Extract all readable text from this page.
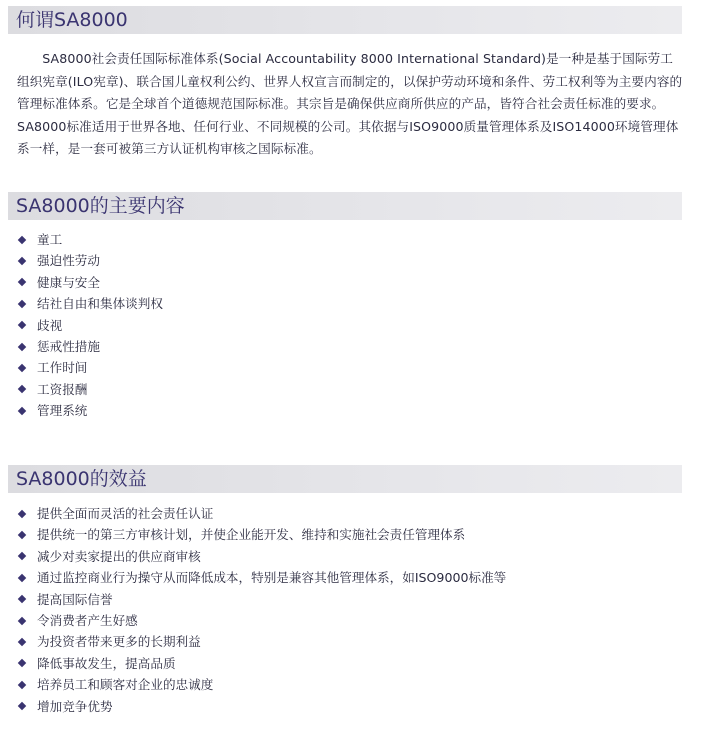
何谓SA8000

SA8000社会责任国际标准体系(Social Accountability 8000 International Standard)是一种是基于国际劳工组织宪章(ILO宪章)、联合国儿童权利公约、世界人权宣言而制定的，以保护劳动环境和条件、劳工权利等为主要内容的管理标准体系。它是全球首个道德规范国际标准。其宗旨是确保供应商所供应的产品，皆符合社会责任标准的要求。SA8000标准适用于世界各地、任何行业、不同规模的公司。其依据与ISO9000质量管理体系及ISO14000环境管理体系一样，是一套可被第三方认证机构审核之国际标准。

SA8000的主要内容
童工
强迫性劳动
健康与安全
结社自由和集体谈判权
歧视
惩戒性措施
工作时间
工资报酬
管理系统
SA8000的效益
提供全面而灵活的社会责任认证
提供统一的第三方审核计划，并使企业能开发、维持和实施社会责任管理体系
减少对卖家提出的供应商审核
通过监控商业行为操守从而降低成本，特别是兼容其他管理体系，如ISO9000标准等
提高国际信誉
令消费者产生好感
为投资者带来更多的长期利益
降低事故发生，提高品质
培养员工和顾客对企业的忠诚度
增加竞争优势
